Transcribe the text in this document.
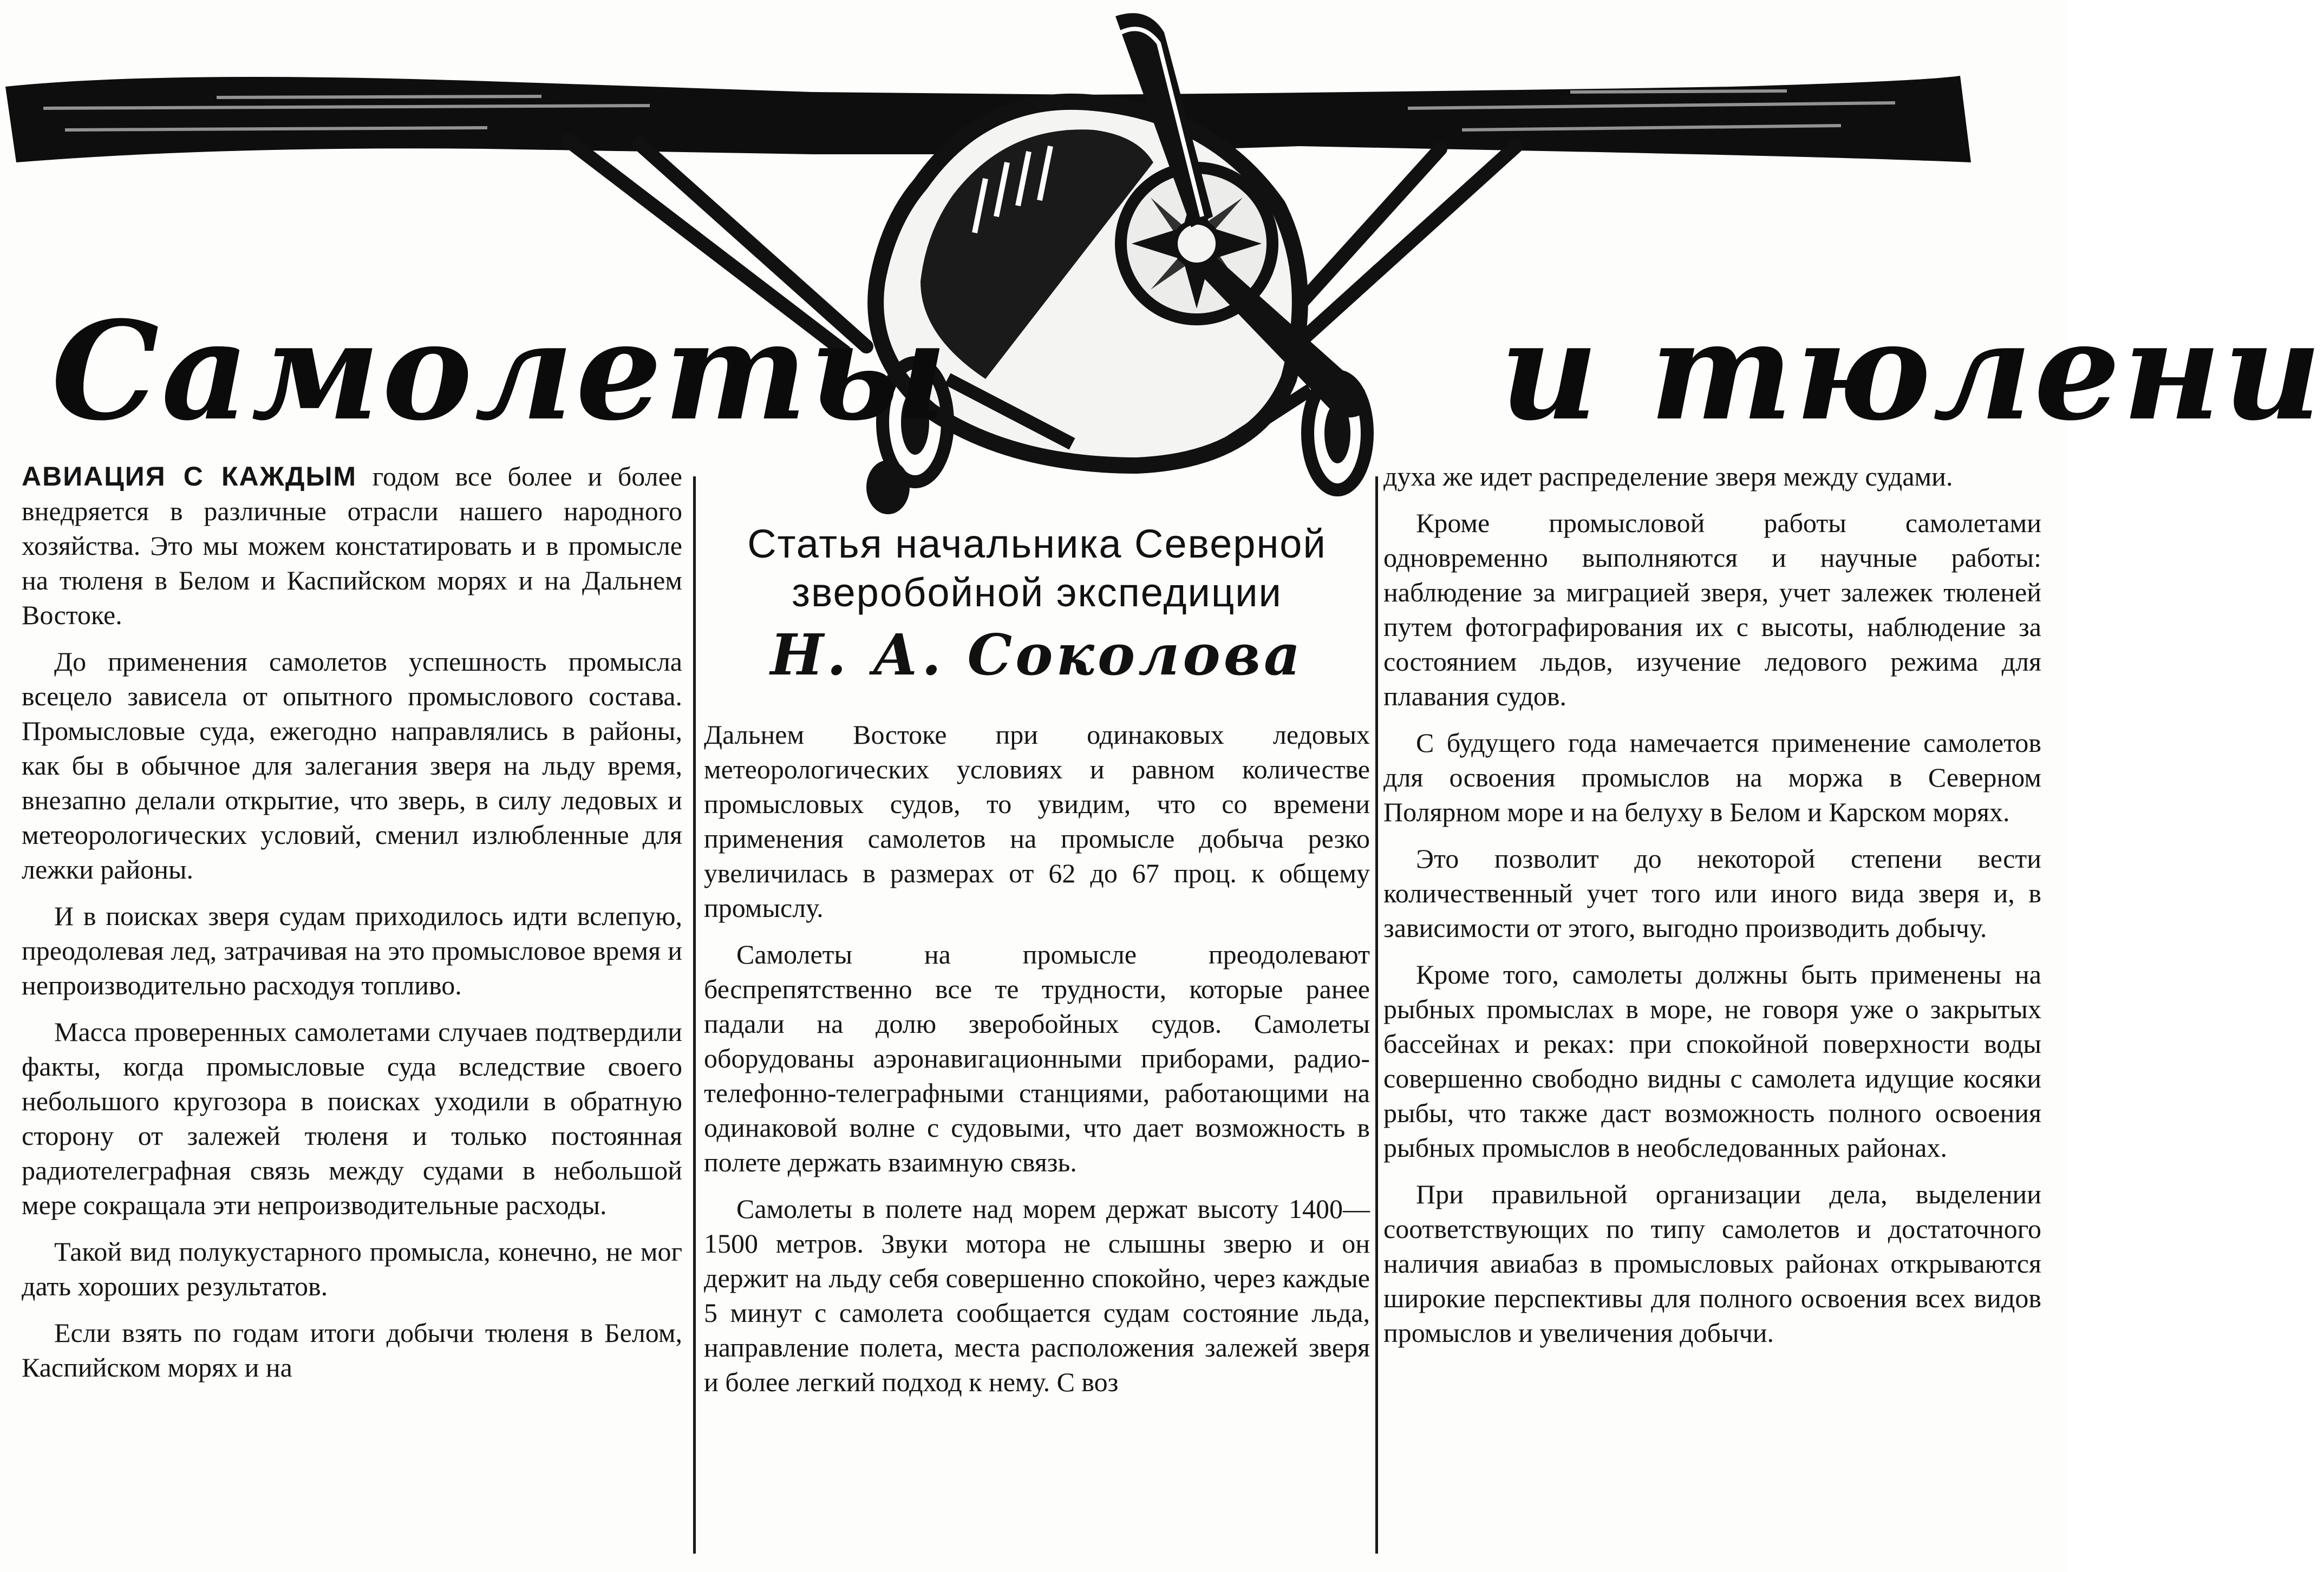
Самолеты	и тюлени
Статья начальника Северной
зверобойной экспедиции
Н. А. Соколова

АВИАЦИЯ С КАЖДЫМ годом все более и более внедряется в различные отрасли нашего народного хозяйства. Это мы можем констатировать и в промысле на тюленя в Белом и Каспийском морях и на Дальнем Востоке.

До применения самолетов успешность промысла всецело зависела от опытного промыслового состава. Промысловые суда, ежегодно направлялись в районы, как бы в обычное для залегания зверя на льду время, внезапно делали открытие, что зверь, в силу ледовых и метеорологических условий, сменил излюбленные для лежки районы.

И в поисках зверя судам приходилось идти вслепую, преодолевая лед, затрачивая на это промысловое время и непроизводительно расходуя топливо.

Масса проверенных самолетами случаев подтвердили факты, когда промысловые суда вследствие своего небольшого кругозора в поисках уходили в обратную сторону от залежей тюленя и только постоянная радиотелеграфная связь между судами в небольшой мере сокращала эти непроизводительные расходы.

Такой вид полукустарного промысла, конечно, не мог дать хороших результатов.

Если взять по годам итоги добычи тюленя в Белом, Каспийском морях и на

Дальнем Востоке при одинаковых ледовых метеорологических условиях и равном количестве промысловых судов, то увидим, что со времени применения самолетов на промысле добыча резко увеличилась в размерах от 62 до 67 проц. к общему промыслу.

Самолеты на промысле преодолевают беспрепятственно все те трудности, которые ранее падали на долю зверобойных судов. Самолеты оборудованы аэронавигационными приборами, радио-телефонно-телеграфными станциями, работающими на одинаковой волне с судовыми, что дает возможность в полете держать взаимную связь.

Самолеты в полете над морем держат высоту 1400—1500 метров. Звуки мотора не слышны зверю и он держит на льду себя совершенно спокойно, через каждые 5 минут с самолета сообщается судам состояние льда, направление полета, места расположения залежей зверя и более легкий подход к нему. С воз

духа же идет распределение зверя между судами.

Кроме промысловой работы самолетами одновременно выполняются и научные работы: наблюдение за миграцией зверя, учет залежек тюленей путем фотографирования их с высоты, наблюдение за состоянием льдов, изучение ледового режима для плавания судов.

С будущего года намечается применение самолетов для освоения промыслов на моржа в Северном Полярном море и на белуху в Белом и Карском морях.

Это позволит до некоторой степени вести количественный учет того или иного вида зверя и, в зависимости от этого, выгодно производить добычу.

Кроме того, самолеты должны быть применены на рыбных промыслах в море, не говоря уже о закрытых бассейнах и реках: при спокойной поверхности воды совершенно свободно видны с самолета идущие косяки рыбы, что также даст возможность полного освоения рыбных промыслов в необследованных районах.

При правильной организации дела, выделении соответствующих по типу самолетов и достаточного наличия авиабаз в промысловых районах открываются широкие перспективы для полного освоения всех видов промыслов и увеличения добычи.
